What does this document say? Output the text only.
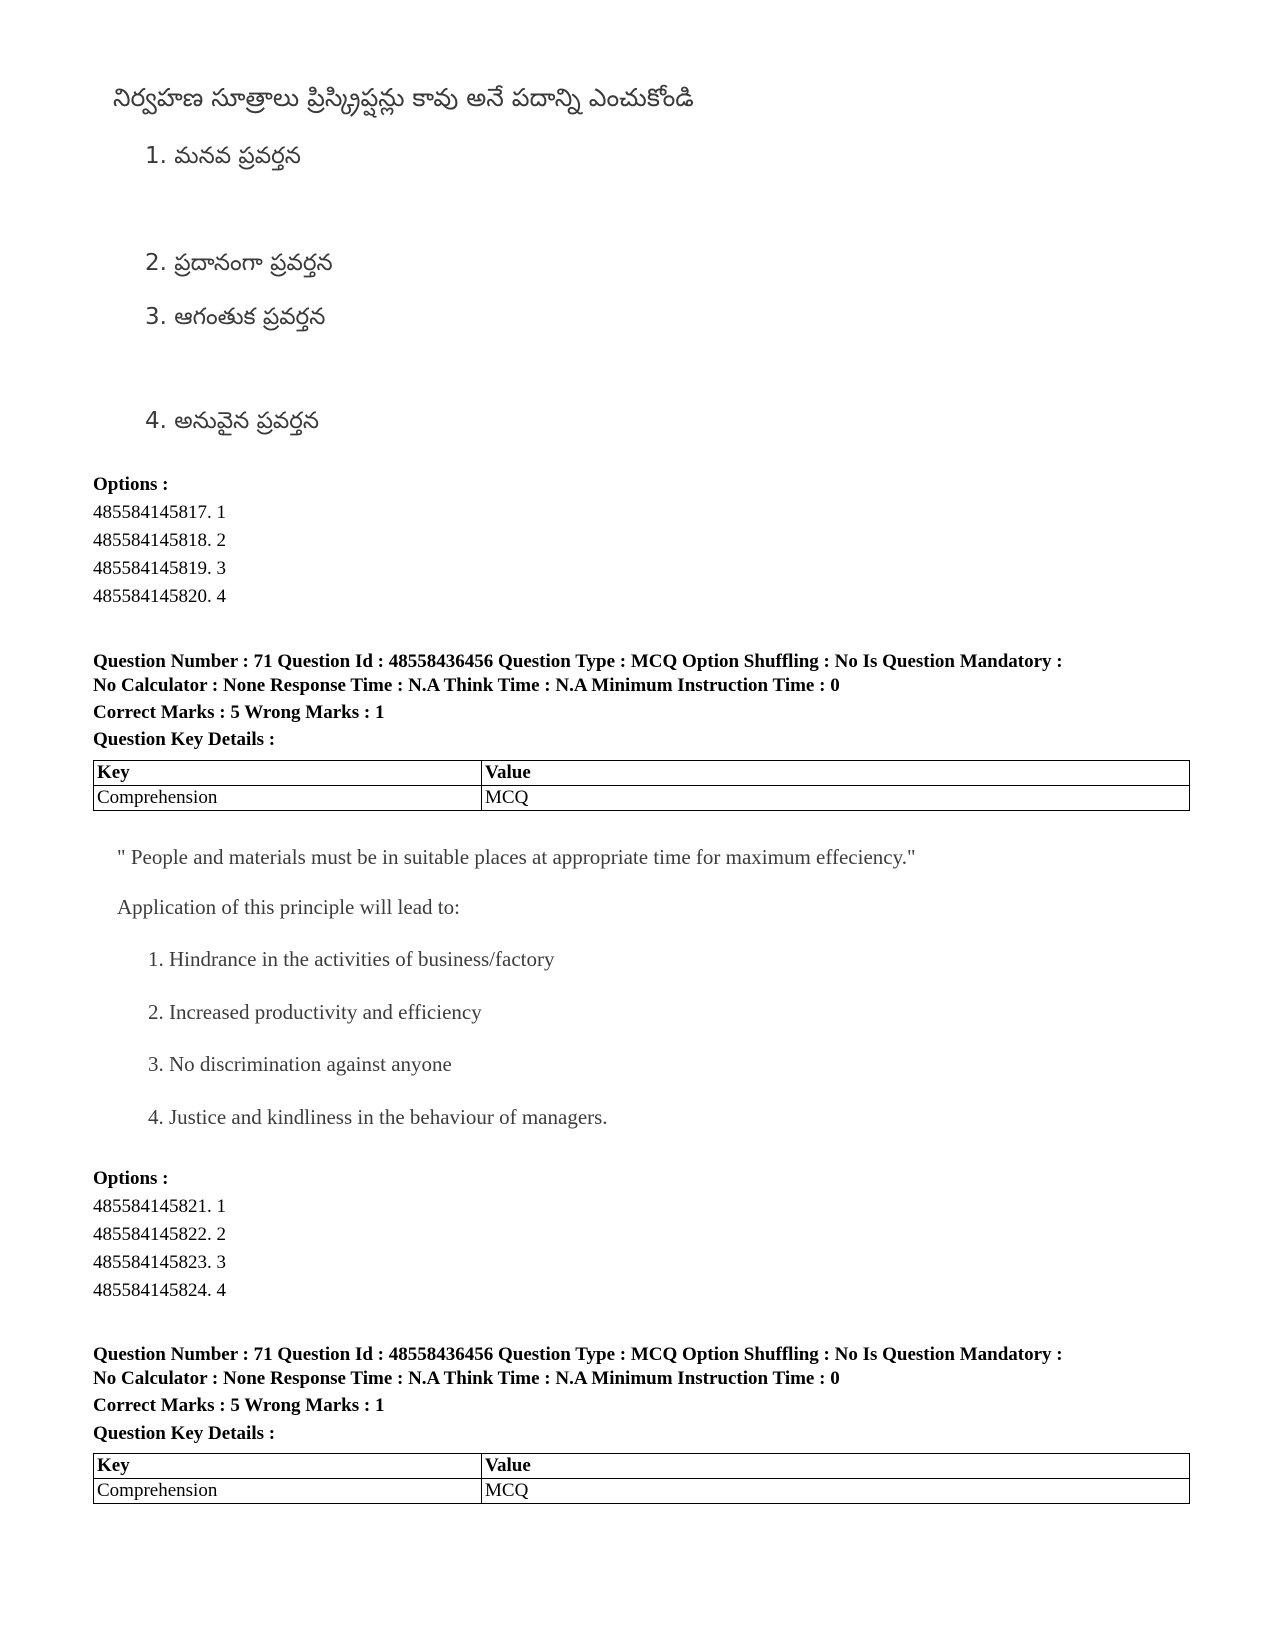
నిర్వహణ సూత్రాలు ప్రిస్క్రిప్షన్లు కావు అనే పదాన్ని ఎంచుకోండి
1. మనవ ప్రవర్తన
2. ప్రదానంగా ప్రవర్తన
3. ఆగంతుక ప్రవర్తన
4. అనువైన ప్రవర్తన
Options :
485584145817. 1
485584145818. 2
485584145819. 3
485584145820. 4

Question Number : 71 Question Id : 48558436456 Question Type : MCQ Option Shuffling : No Is Question Mandatory :

No Calculator : None Response Time : N.A Think Time : N.A Minimum Instruction Time : 0

Correct Marks : 5 Wrong Marks : 1
Question Key Details :
Key	Value
Comprehension	MCQ
" People and materials must be in suitable places at appropriate time for maximum effeciency."
Application of this principle will lead to:
1. Hindrance in the activities of business/factory
2. Increased productivity and efficiency
3. No discrimination against anyone
4. Justice and kindliness in the behaviour of managers.
Options :
485584145821. 1
485584145822. 2
485584145823. 3
485584145824. 4

Question Number : 71 Question Id : 48558436456 Question Type : MCQ Option Shuffling : No Is Question Mandatory :

No Calculator : None Response Time : N.A Think Time : N.A Minimum Instruction Time : 0

Correct Marks : 5 Wrong Marks : 1
Question Key Details :
Key	Value
Comprehension	MCQ
